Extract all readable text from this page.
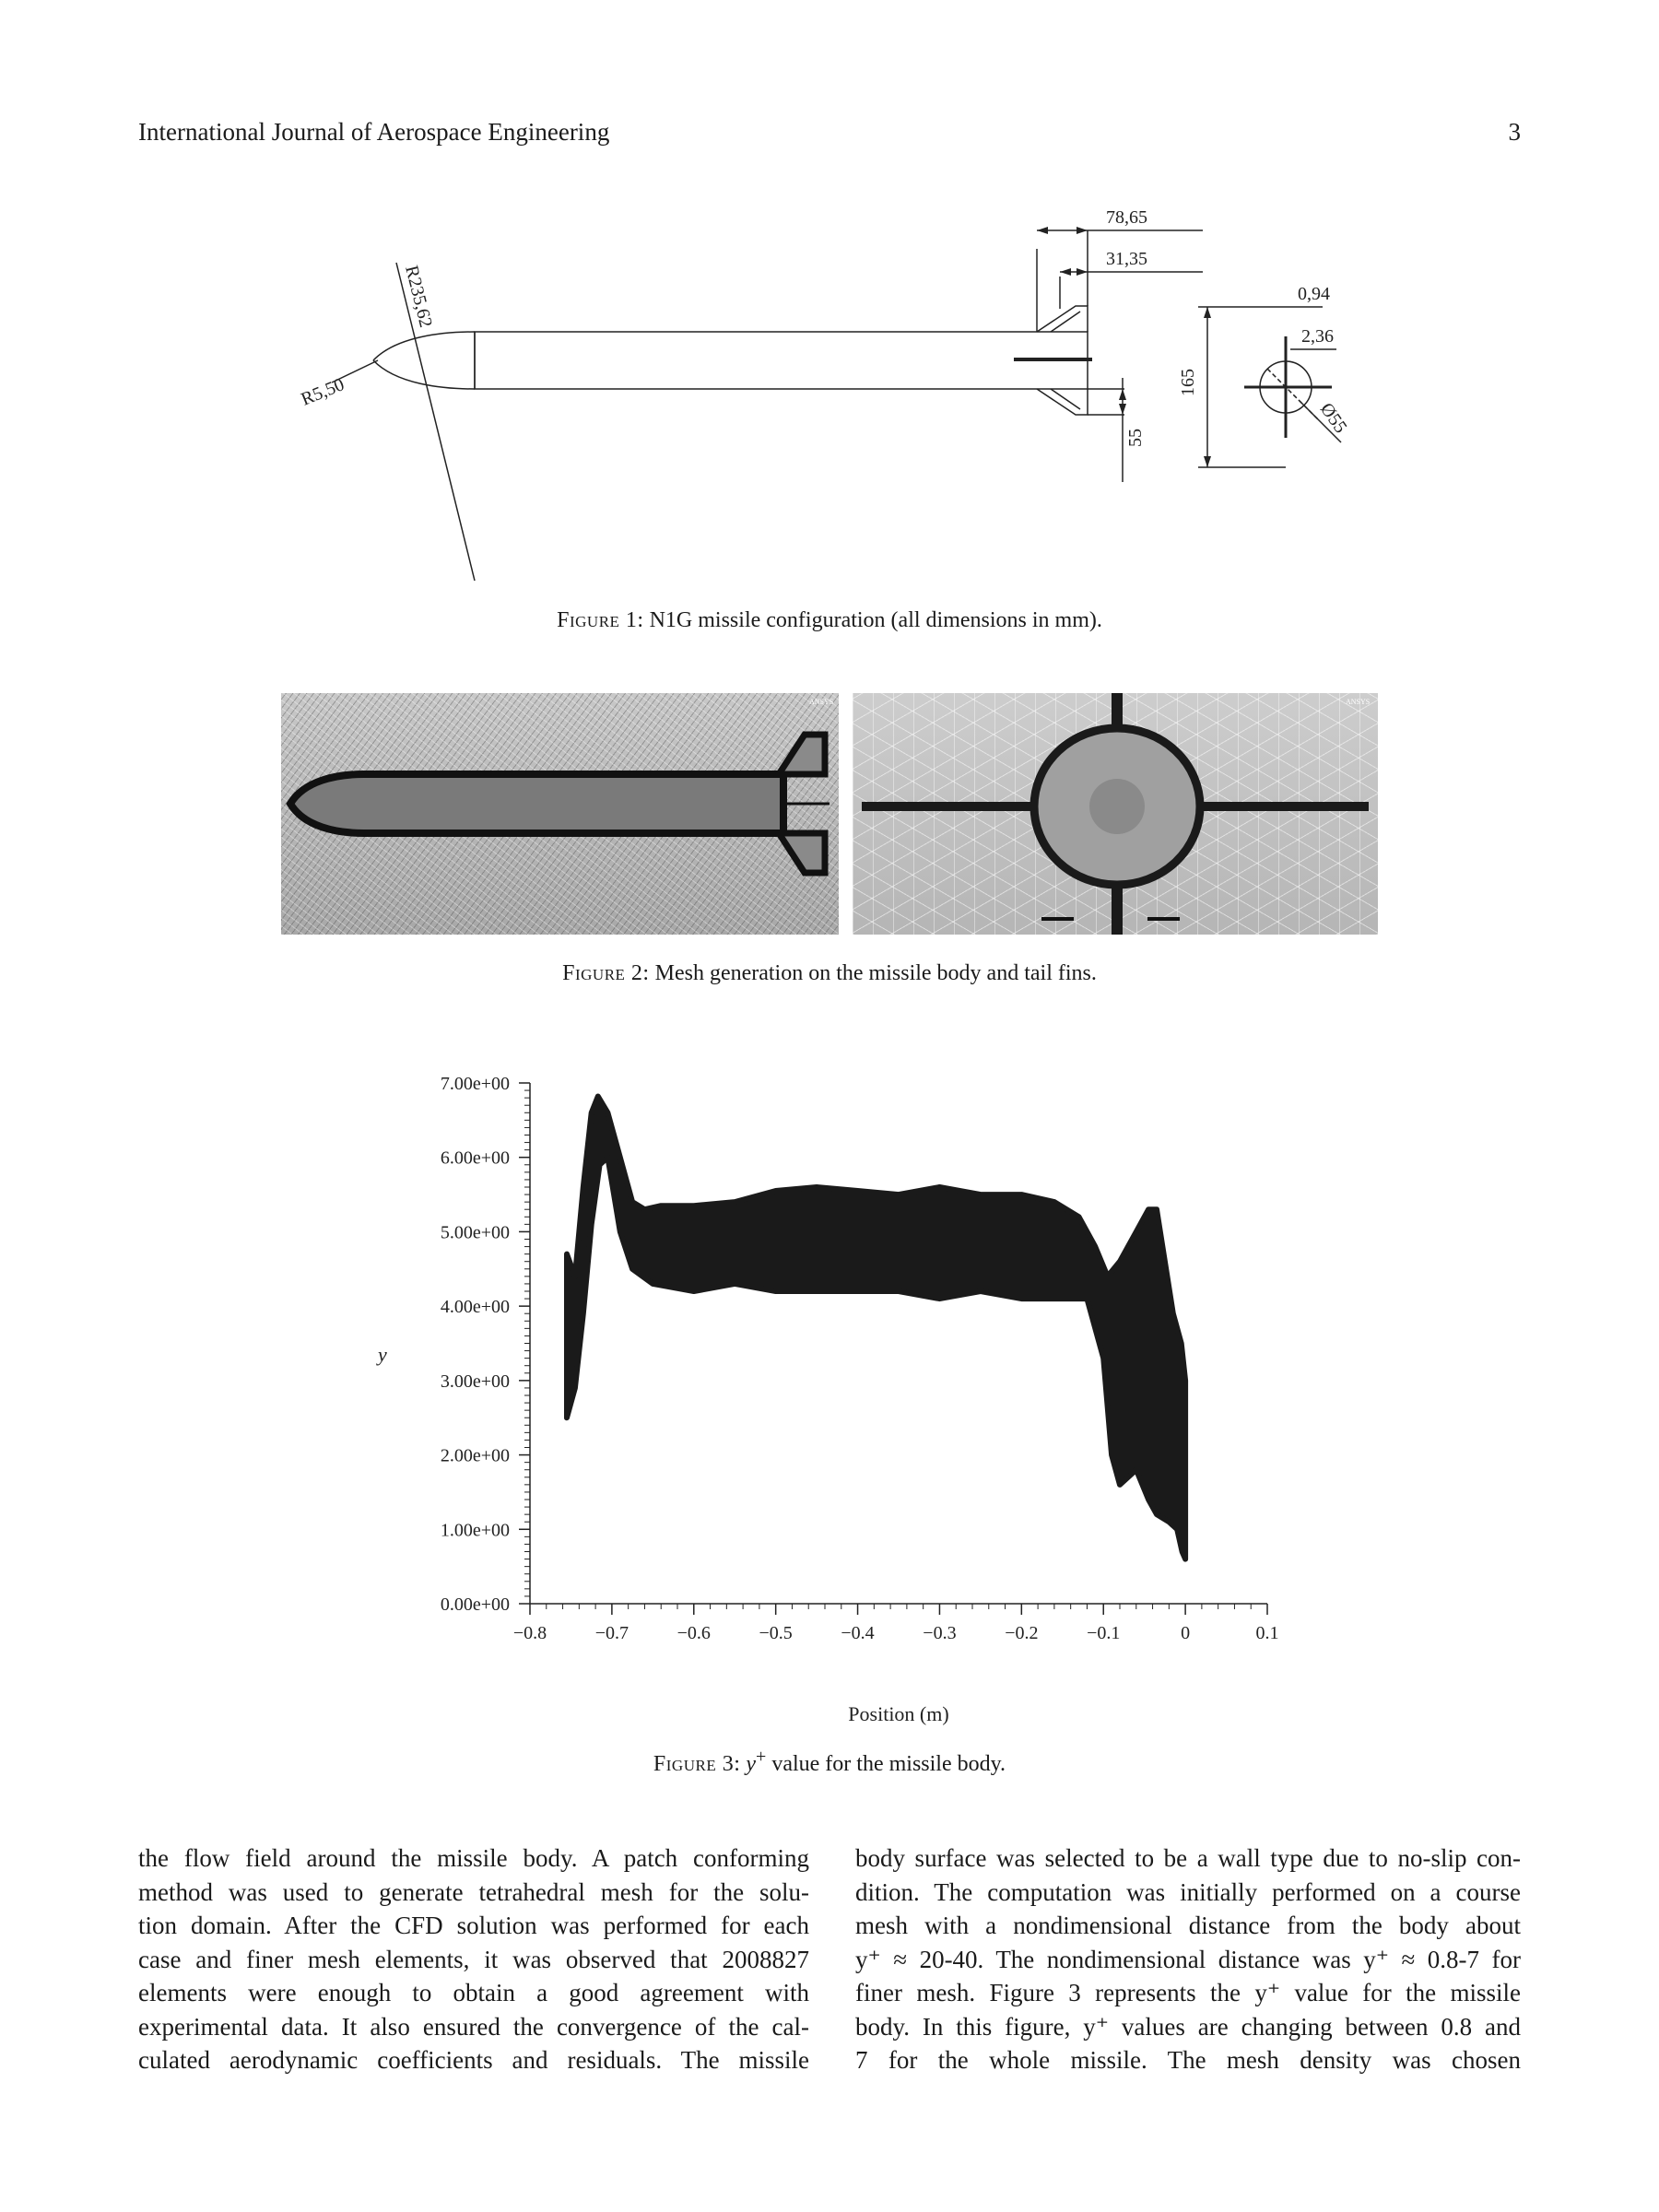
International Journal of Aerospace Engineering	3
78,65
31,35
0,94
2,36
R5,50
R235,62
55
165
Ø55
Figure 1: N1G missile configuration (all dimensions in mm).
ANSYS	ANSYS
Figure 2: Mesh generation on the missile body and tail fins.
0.00e+00
1.00e+00
2.00e+00
3.00e+00
4.00e+00
5.00e+00
6.00e+00
7.00e+00
−0.8	−0.7	−0.6	−0.5	−0.4	−0.3	−0.2	−0.1	0	0.1
y
Position (m)
Figure 3: y+ value for the missile body.

the flow field around the missile body. A patch conforming

method was used to generate tetrahedral mesh for the solu-

tion domain. After the CFD solution was performed for each

case and finer mesh elements, it was observed that 2008827

elements were enough to obtain a good agreement with

experimental data. It also ensured the convergence of the cal-

culated aerodynamic coefficients and residuals. The missile

body surface was selected to be a wall type due to no-slip con-

dition. The computation was initially performed on a course

mesh with a nondimensional distance from the body about

y⁺ ≈ 20-40. The nondimensional distance was y⁺ ≈ 0.8-7 for

finer mesh. Figure 3 represents the y⁺ value for the missile

body. In this figure, y⁺ values are changing between 0.8 and

7 for the whole missile. The mesh density was chosen
